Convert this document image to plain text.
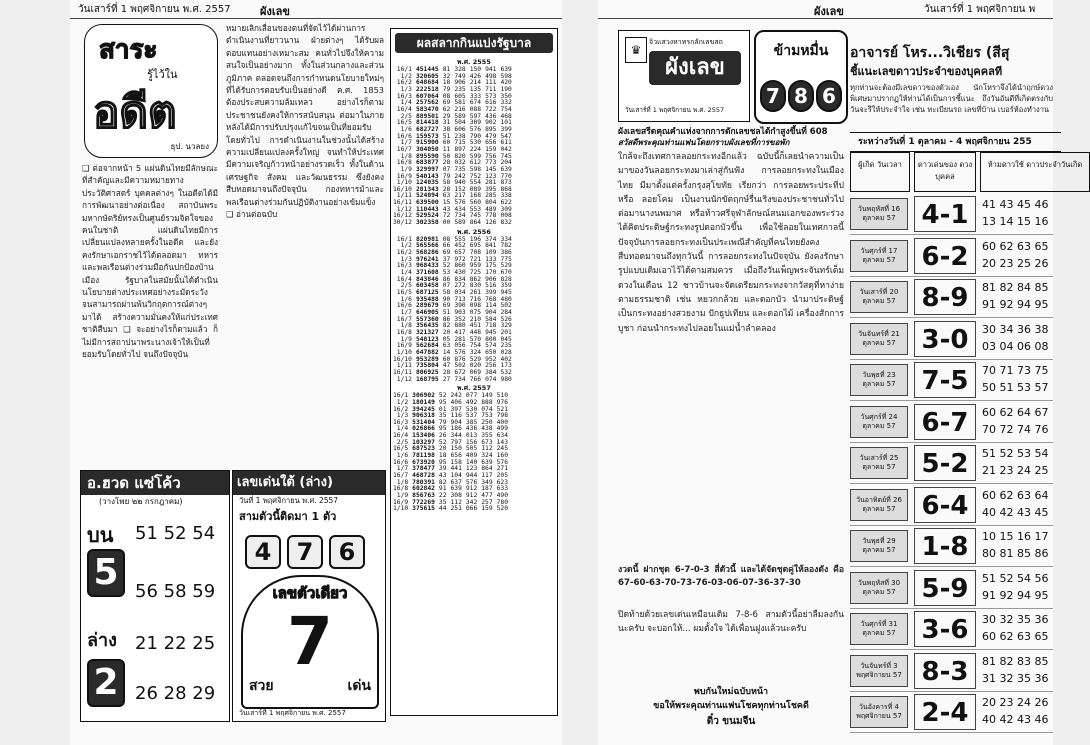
วันเสาร์ที่ 1 พฤศจิกายน พ.ศ. 2557	ผังเลข
สาระ
รู้ไว้ใน
อดีต
ธุป. นวลยง
❑ ต่อจากหน้า 5 แผ่นดินไทยมีลักษณะที่สำคัญและมีความหมายทางประวัติศาสตร์ บุคคลต่างๆ ในอดีตได้มีการพัฒนาอย่างต่อเนื่อง สถาบันพระมหากษัตริย์ทรงเป็นศูนย์รวมจิตใจของคนในชาติ แผ่นดินไทยมีการเปลี่ยนแปลงหลายครั้งในอดีต และยังคงรักษาเอกราชไว้ได้ตลอดมา ทหารและพลเรือนต่างร่วมมือกันปกป้องบ้านเมือง รัฐบาลในสมัยนั้นได้ดำเนินนโยบายต่างประเทศอย่างระมัดระวัง จนสามารถผ่านพ้นวิกฤตการณ์ต่างๆ มาได้ สร้างความมั่นคงให้แก่ประเทศชาติสืบมา ❑ จะอย่างไรก็ตามแล้ว ก็ไม่มีการสถาปนาพระนางเจ้าให้เป็นที่ยอมรับโดยทั่วไป จนถึงปัจจุบัน
หมายเลิกเลื่อนของตนที่จัดไว้ได้ผ่านการดำเนินงานที่ยาวนาน ฝ่ายต่างๆ ได้รับผลตอบแทนอย่างเหมาะสม คนทั่วไปจึงให้ความสนใจเป็นอย่างมาก ทั้งในส่วนกลางและส่วนภูมิภาค ตลอดจนถึงการกำหนดนโยบายใหม่ๆ ที่ได้รับการตอบรับเป็นอย่างดี ค.ศ. 1853 ต้องประสบความล้มเหลว อย่างไรก็ตามประชาชนยังคงให้การสนับสนุน ต่อมาในภายหลังได้มีการปรับปรุงแก้ไขจนเป็นที่ยอมรับโดยทั่วไป การดำเนินงานในช่วงนั้นได้สร้างความเปลี่ยนแปลงครั้งใหญ่ จนทำให้ประเทศมีความเจริญก้าวหน้าอย่างรวดเร็ว ทั้งในด้านเศรษฐกิจ สังคม และวัฒนธรรม ซึ่งยังคงสืบทอดมาจนถึงปัจจุบัน กองทหารม้าและพลเรือนต่างร่วมกันปฏิบัติงานอย่างเข้มแข็ง ❑ อ่านต่อฉบับ
ผลสลากกินแบ่งรัฐบาล
พ.ศ. 2555
16/1	451445	81	328	150	941	639
1/2	320605	32	749	426	498	598
16/2	648684	18	906	214	111	420
1/3	222518	79	235	135	711	190
16/3	607064	08	605	333	573	350
1/4	257562	69	581	674	616	332
16/4	583470	62	216	088	722	754
2/5	889501	29	589	597	436	468
16/5	814418	31	504	309	902	101
1/6	682727	38	606	576	895	399
16/6	159573	51	238	790	479	547
1/7	915900	60	715	530	656	611
16/7	304050	11	897	224	159	042
1/8	895590	50	820	599	756	745
16/8	683877	28	032	612	773	204
1/9	329997	07	735	598	145	639
16/9	540143	79	242	752	123	770
1/10	124035	58	940	554	281	873
16/10	281343	28	152	089	395	868
1/11	524094	63	217	168	285	338
16/11	639500	15	576	560	804	622
1/12	110443	43	434	553	489	309
16/12	529524	72	734	745	778	008
30/12	302358	00	589	864	126	832
พ.ศ. 2556
16/1	820981	08	555	196	374	334
1/2	565566	66	452	695	841	782
16/2	568286	69	657	708	109	386
1/3	976241	37	972	721	133	775
16/3	968433	52	860	959	175	529
1/4	371608	53	430	725	170	670
16/4	843846	86	834	862	906	828
2/5	603458	07	272	830	516	359
16/5	687125	58	034	261	399	945
1/6	935488	90	713	716	768	480
16/6	289679	69	390	098	114	502
1/7	646905	51	903	075	904	284
16/7	557360	86	352	210	584	526
1/8	356435	82	880	451	718	329
16/8	321327	20	417	448	945	201
1/9	548123	05	281	570	800	045
16/9	562684	63	056	754	574	235
1/10	647882	14	576	324	650	028
16/10	953289	60	876	529	952	402
1/11	735804	47	502	020	256	173
16/11	806925	28	672	069	384	532
1/12	168795	27	734	766	074	980
พ.ศ. 2557
16/1	306902	52	242	077	149	510
1/2	180149	95	406	492	888	976
16/2	394245	01	397	530	074	521
1/3	906318	35	116	537	753	798
16/3	531404	79	904	385	250	400
1/4	026866	95	186	436	438	499
16/4	153406	26	344	013	355	634
2/5	103297	52	797	156	673	143
16/5	687523	20	150	505	112	245
1/6	781198	18	656	409	324	160
16/6	673920	95	158	140	639	576
1/7	378477	39	441	123	864	271
16/7	468728	43	104	944	117	205
1/8	780391	82	637	576	349	623
16/8	602842	91	639	912	187	633
1/9	856763	22	308	912	477	490
16/9	772269	35	112	342	257	780
1/10	375615	44	251	066	159	520
อ.ฮวด แซ่โค้ว
(วางโพย ๒๒ กรกฎาคม)
บน
5
51 52 54
56 58 59
ล่าง
2
21 22 25
26 28 29
เลขเด่นใต้ (ล่าง)
วันที่ 1 พฤศจิกายน พ.ศ. 2557
สามตัวนี้ติดมา 1 ตัว
4 7 6
เลขตัวเดียว
7
สวย	เด่น
วันเสาร์ที่ 1 พฤศจิกายน พ.ศ. 2557
ผังเลข	วันเสาร์ที่ 1 พฤศจิกายน พ
♛
จิวแสวงหาทรกลักเลขสถ
ผังเลข
วันเสาร์ที่ 1 พฤศจิกายน พ.ศ. 2557
ข้ามหมื่น
7 8 6
อาจารย์ โหร...วิเชียร (สีสุ
ชี้แนะเลขดาวประจำของบุคคลที
ทุกท่านจะต้องมีเลขดาวของตัวเอง นักโหราจึงได้นำฤกษ์ดวงพิเศษมาปรากฏให้ท่านได้เป็นการชี้แนะ ถึงวันอันดีที่เกิดตรงกับวันจะรึให้ประจำใจ เช่น ทะเบียนรถ เลขที่บ้าน เบอร์ห้องทำงาน
ผังเลขสรีดคุณคำแห่งจากการดักเลขชลได้กำสูงขึ้นที่ 608
สวัสดีพระคุณท่านแฟนโดยกราบผังเลขที่การขอพัก
ใกล้จะถึงเทศกาลลอยกระทงอีกแล้ว ฉบับนี้ก็เลยนำความเป็นมาของวันลอยกระทงมาเล่าสู่กันฟัง การลอยกระทงในเมืองไทย มีมาตั้งแต่ครั้งกรุงสุโขทัย เรียกว่า การลอยพระประทีป หรือ ลอยโคม เป็นงานนักขัตฤกษ์รื่นเริงของประชาชนทั่วไป ต่อมานางนพมาศ หรือท้าวศรีจุฬาลักษณ์สนมเอกของพระร่วง ได้คิดประดิษฐ์กระทงรูปดอกบัวขึ้น เพื่อใช้ลอยในเทศกาลนี้ ปัจจุบันการลอยกระทงเป็นประเพณีสำคัญที่คนไทยยังคงสืบทอดมาจนถึงทุกวันนี้ การลอยกระทงในปัจจุบัน ยังคงรักษารูปแบบเดิมเอาไว้ได้ตามสมควร เมื่อถึงวันเพ็ญพระจันทร์เต็มดวงในเดือน 12 ชาวบ้านจะจัดเตรียมกระทงจากวัสดุที่หาง่ายตามธรรมชาติ เช่น หยวกกล้วย และดอกบัว นำมาประดิษฐ์เป็นกระทงอย่างสวยงาม ปักธูปเทียน และดอกไม้ เครื่องสักการบูชา ก่อนนำกระทงไปลอยในแม่น้ำลำคลอง
งวดนี้ ฝากชุด 6-7-0-3 สี่ตัวนี้ และได้จัดชุดคู่ให้ลองดัง คือ 67-60-63-70-73-76-03-06-07-36-37-30
ปิดท้ายด้วยเลขเด่นเหมือนเดิม 7-8-6 สามตัวนี้อย่าลืมลงกันนะครับ จะบอกให้... ผมตั้งใจ ได้เพื่อนฝูงแล้วนะครับ
พบกันใหม่ฉบับหน้า
ขอให้พระคุณท่านแฟนโชคทุกท่านโชคดี
ติ๋ว ขนมจีน
ระหว่างวันที่ 1 ตุลาคม - 4 พฤศจิกายน 255
ผู้เกิด วันเวลา	ดาวเด่นของ ดวงบุคคล
ห้ามดาวใช้ ดาวประจำวันเกิด
วันพฤหัสที่ 16 ตุลาคม 57 4-1	41 43 45 46
13 14 15 16
วันศุกร์ที่ 17 ตุลาคม 57 6-2	60 62 63 65
20 23 25 26
วันเสาร์ที่ 20 ตุลาคม 57 8-9	81 82 84 85
91 92 94 95
วันจันทร์ที่ 21 ตุลาคม 57 3-0	30 34 36 38
03 04 06 08
วันพุธที่ 23 ตุลาคม 57 7-5	70 71 73 75
50 51 53 57
วันศุกร์ที่ 24 ตุลาคม 57 6-7	60 62 64 67
70 72 74 76
วันเสาร์ที่ 25 ตุลาคม 57 5-2	51 52 53 54
21 23 24 25
วันอาทิตย์ที่ 26 ตุลาคม 57 6-4	60 62 63 64
40 42 43 45
วันพุธที่ 29 ตุลาคม 57 1-8	10 15 16 17
80 81 85 86
วันพฤหัสที่ 30 ตุลาคม 57 5-9	51 52 54 56
91 92 94 95
วันศุกร์ที่ 31 ตุลาคม 57 3-6	30 32 35 36
60 62 63 65
วันจันทร์ที่ 3 พฤศจิกายน 57 8-3	81 82 83 85
31 32 35 36
วันอังคารที่ 4 พฤศจิกายน 57 2-4	20 23 24 26
40 42 43 46
